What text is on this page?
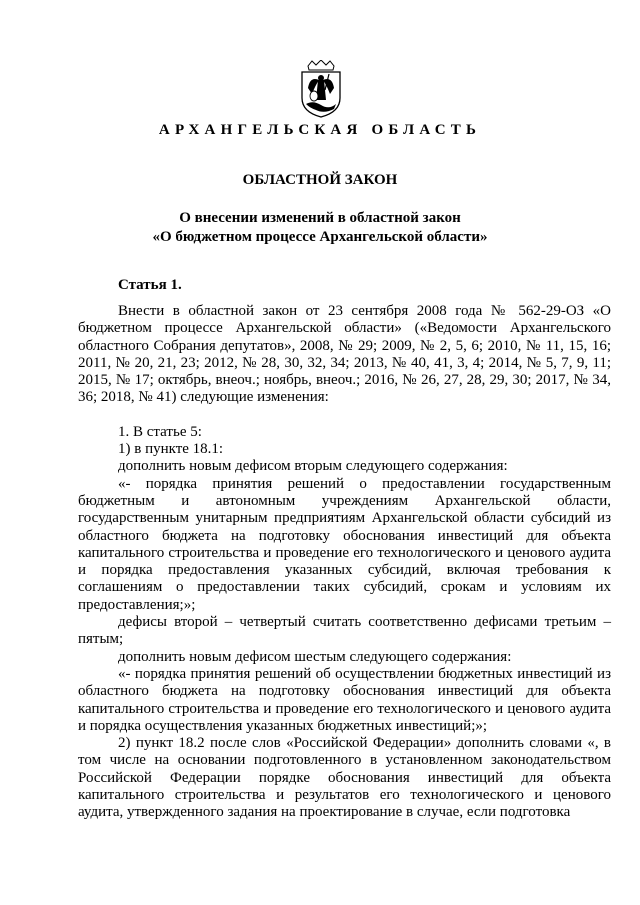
АРХАНГЕЛЬСКАЯ ОБЛАСТЬ
ОБЛАСТНОЙ ЗАКОН
О внесении изменений в областной закон
«О бюджетном процессе Архангельской области»
Статья 1.

Внести в областной закон от 23 сентября 2008 года № 562-29-ОЗ «О бюджетном процессе Архангельской области» («Ведомости Архангельского областного Собрания депутатов», 2008, № 29; 2009, № 2, 5, 6; 2010, № 11, 15, 16; 2011, № 20, 21, 23; 2012, № 28, 30, 32, 34; 2013, № 40, 41, 3, 4; 2014, № 5, 7, 9, 11; 2015, № 17; октябрь, внеоч.; ноябрь, внеоч.; 2016, № 26, 27, 28, 29, 30; 2017, № 34, 36; 2018, № 41) следующие изменения:

1. В статье 5:

1) в пункте 18.1:

дополнить новым дефисом вторым следующего содержания:

«- порядка принятия решений о предоставлении государственным бюджетным и автономным учреждениям Архангельской области, государственным унитарным предприятиям Архангельской области субсидий из областного бюджета на подготовку обоснования инвестиций для объекта капитального строительства и проведение его технологического и ценового аудита и порядка предоставления указанных субсидий, включая требования к соглашениям о предоставлении таких субсидий, срокам и условиям их предоставления;»;

дефисы второй – четвертый считать соответственно дефисами третьим – пятым;

дополнить новым дефисом шестым следующего содержания:

«- порядка принятия решений об осуществлении бюджетных инвестиций из областного бюджета на подготовку обоснования инвестиций для объекта капитального строительства и проведение его технологического и ценового аудита и порядка осуществления указанных бюджетных инвестиций;»;

2) пункт 18.2 после слов «Российской Федерации» дополнить словами «, в том числе на основании подготовленного в установленном законодательством Российской Федерации порядке обоснования инвестиций для объекта капитального строительства и результатов его технологического и ценового аудита, утвержденного задания на проектирование в случае, если подготовка
